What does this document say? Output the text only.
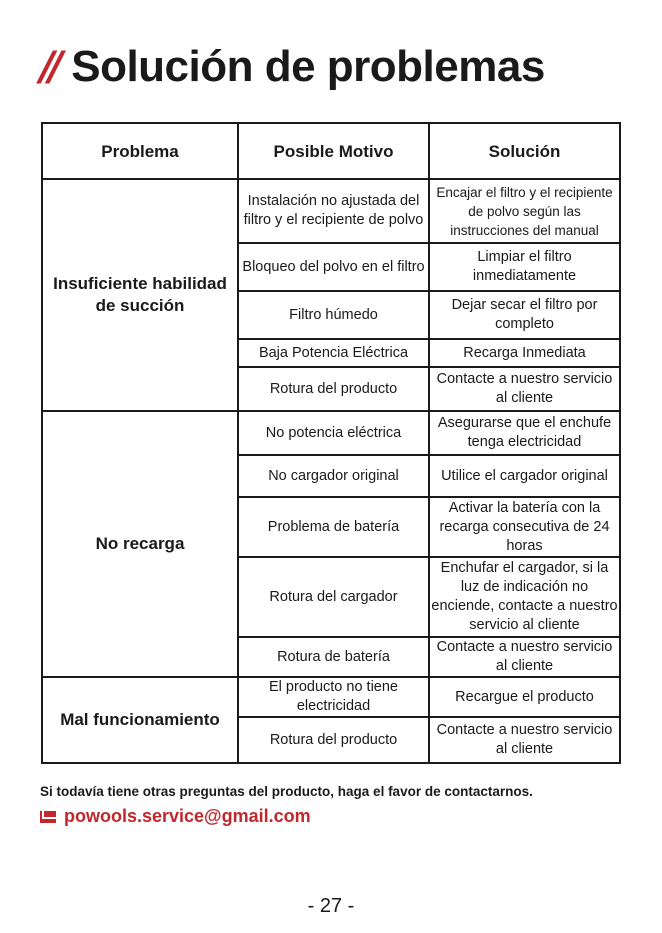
// Solución de problemas
Problema	Posible Motivo	Solución
Insuficiente habilidad de succión	Instalación no ajustada del filtro y el recipiente de polvo	Encajar el filtro y el recipiente de polvo según las instrucciones del manual
	Bloqueo del polvo en el filtro	Limpiar el filtro inmediatamente
	Filtro húmedo	Dejar secar el filtro por completo
	Baja Potencia Eléctrica	Recarga Inmediata
	Rotura del producto	Contacte a nuestro servicio al cliente
No recarga	No potencia eléctrica	Asegurarse que el enchufe tenga electricidad
	No cargador original	Utilice el cargador original
	Problema de batería	Activar la batería con la recarga consecutiva de 24 horas
	Rotura del cargador	Enchufar el cargador, si la luz de indicación no enciende, contacte a nuestro servicio al cliente
	Rotura de batería	Contacte a nuestro servicio al cliente
Mal funcionamiento	El producto no tiene electricidad	Recargue el producto
	Rotura del producto	Contacte a nuestro servicio al cliente
Si todavía tiene otras preguntas del producto, haga el favor de contactarnos.
powools.service@gmail.com
- 27 -
